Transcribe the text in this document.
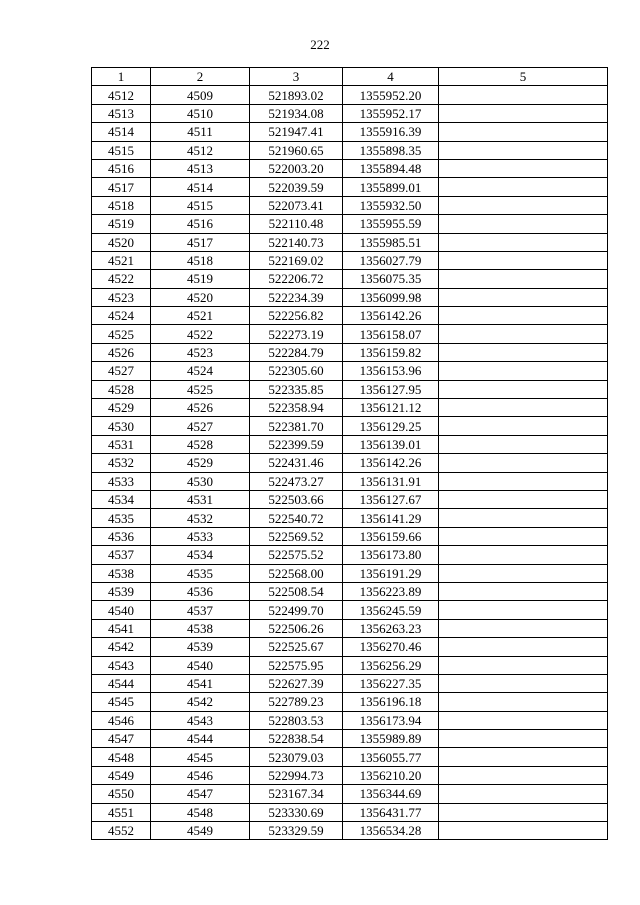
222
1	2	3	4	5
4512	4509	521893.02	1355952.20	
4513	4510	521934.08	1355952.17	
4514	4511	521947.41	1355916.39	
4515	4512	521960.65	1355898.35	
4516	4513	522003.20	1355894.48	
4517	4514	522039.59	1355899.01	
4518	4515	522073.41	1355932.50	
4519	4516	522110.48	1355955.59	
4520	4517	522140.73	1355985.51	
4521	4518	522169.02	1356027.79	
4522	4519	522206.72	1356075.35	
4523	4520	522234.39	1356099.98	
4524	4521	522256.82	1356142.26	
4525	4522	522273.19	1356158.07	
4526	4523	522284.79	1356159.82	
4527	4524	522305.60	1356153.96	
4528	4525	522335.85	1356127.95	
4529	4526	522358.94	1356121.12	
4530	4527	522381.70	1356129.25	
4531	4528	522399.59	1356139.01	
4532	4529	522431.46	1356142.26	
4533	4530	522473.27	1356131.91	
4534	4531	522503.66	1356127.67	
4535	4532	522540.72	1356141.29	
4536	4533	522569.52	1356159.66	
4537	4534	522575.52	1356173.80	
4538	4535	522568.00	1356191.29	
4539	4536	522508.54	1356223.89	
4540	4537	522499.70	1356245.59	
4541	4538	522506.26	1356263.23	
4542	4539	522525.67	1356270.46	
4543	4540	522575.95	1356256.29	
4544	4541	522627.39	1356227.35	
4545	4542	522789.23	1356196.18	
4546	4543	522803.53	1356173.94	
4547	4544	522838.54	1355989.89	
4548	4545	523079.03	1356055.77	
4549	4546	522994.73	1356210.20	
4550	4547	523167.34	1356344.69	
4551	4548	523330.69	1356431.77	
4552	4549	523329.59	1356534.28	
